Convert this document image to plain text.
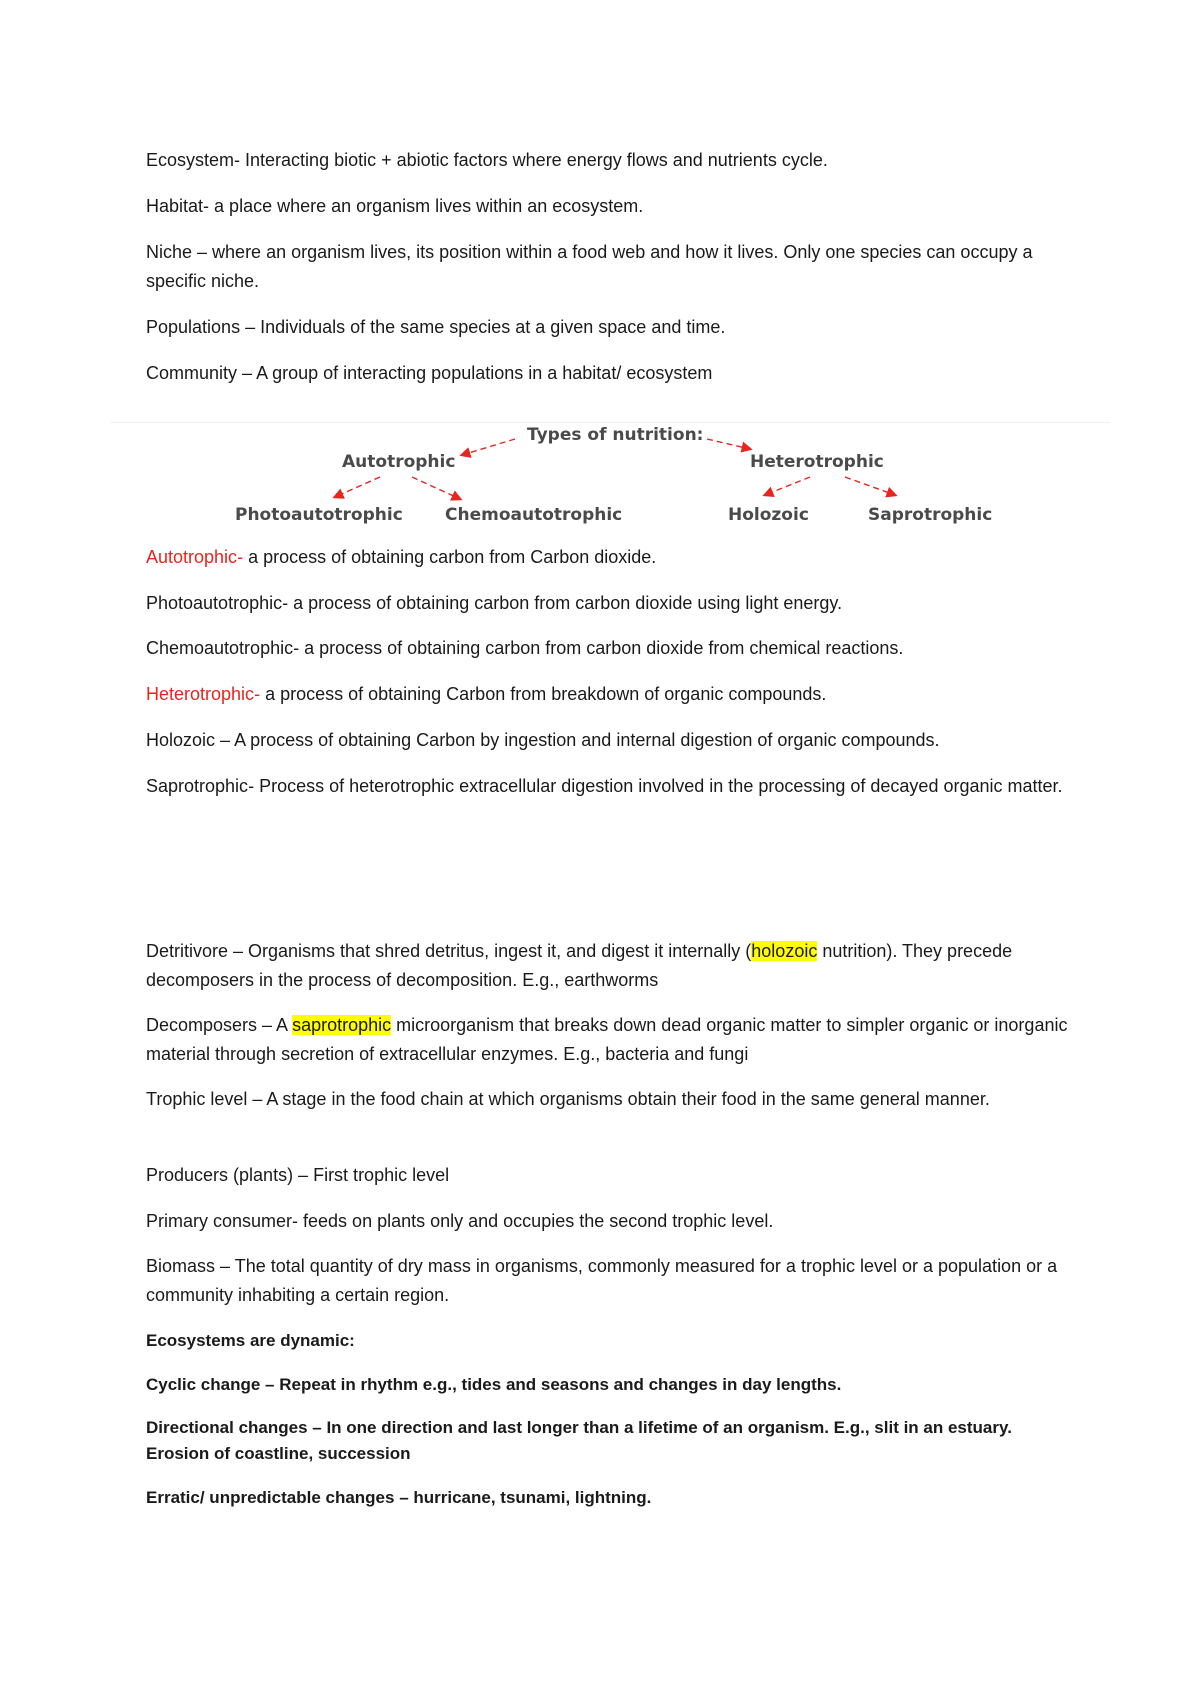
Ecosystem- Interacting biotic + abiotic factors where energy flows and nutrients cycle.

Habitat- a place where an organism lives within an ecosystem.

Niche – where an organism lives, its position within a food web and how it lives. Only one species can occupy a specific niche.

Populations – Individuals of the same species at a given space and time.

Community – A group of interacting populations in a habitat/ ecosystem

Types of nutrition:
Autotrophic	Heterotrophic
Photoautotrophic Chemoautotrophic	Holozoic	Saprotrophic

Autotrophic- a process of obtaining carbon from Carbon dioxide.

Photoautotrophic- a process of obtaining carbon from carbon dioxide using light energy.

Chemoautotrophic- a process of obtaining carbon from carbon dioxide from chemical reactions.

Heterotrophic- a process of obtaining Carbon from breakdown of organic compounds.

Holozoic – A process of obtaining Carbon by ingestion and internal digestion of organic compounds.

Saprotrophic- Process of heterotrophic extracellular digestion involved in the processing of decayed organic matter.

Detritivore – Organisms that shred detritus, ingest it, and digest it internally (holozoic nutrition). They precede decomposers in the process of decomposition. E.g., earthworms

Decomposers – A saprotrophic microorganism that breaks down dead organic matter to simpler organic or inorganic material through secretion of extracellular enzymes. E.g., bacteria and fungi

Trophic level – A stage in the food chain at which organisms obtain their food in the same general manner.

Producers (plants) – First trophic level

Primary consumer- feeds on plants only and occupies the second trophic level.

Biomass – The total quantity of dry mass in organisms, commonly measured for a trophic level or a population or a community inhabiting a certain region.

Ecosystems are dynamic:

Cyclic change – Repeat in rhythm e.g., tides and seasons and changes in day lengths.

Directional changes – In one direction and last longer than a lifetime of an organism. E.g., slit in an estuary. Erosion of coastline, succession

Erratic/ unpredictable changes – hurricane, tsunami, lightning.
